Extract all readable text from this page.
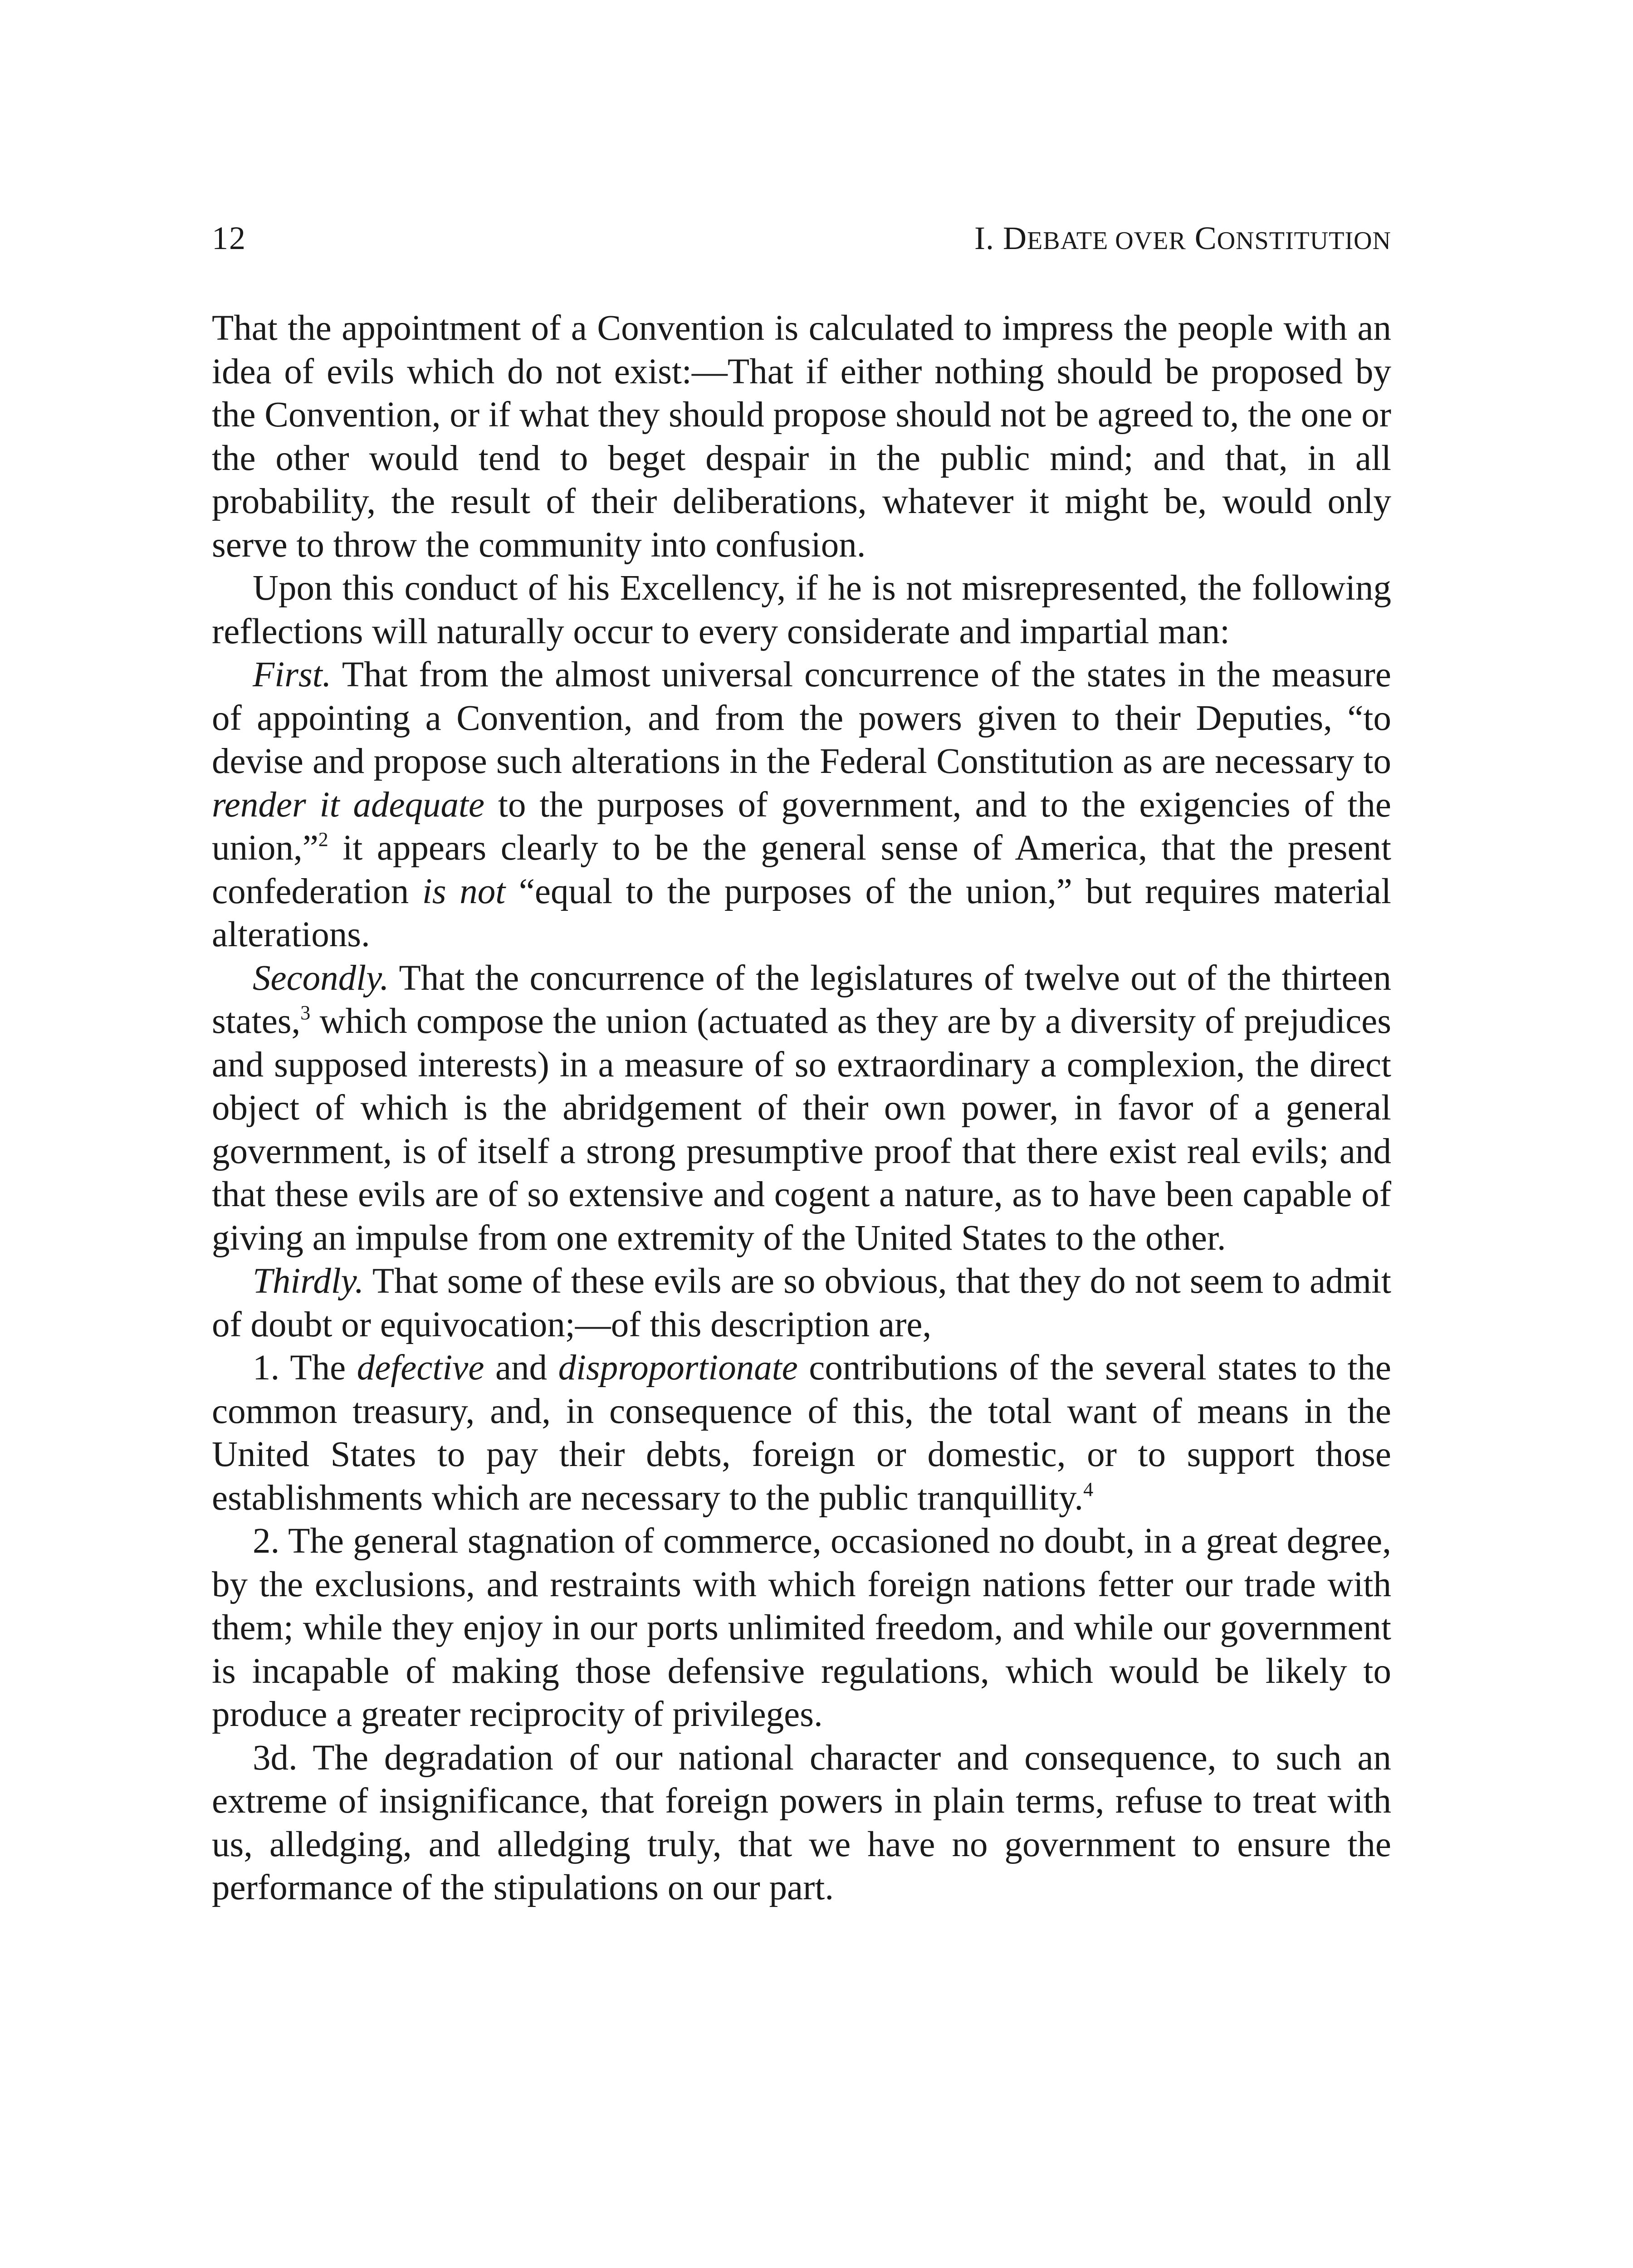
12	I. DEBATE OVER CONSTITUTION

That the appointment of a Convention is calculated to impress the people with an idea of evils which do not exist:—That if either nothing should be proposed by the Convention, or if what they should propose should not be agreed to, the one or the other would tend to beget despair in the public mind; and that, in all probability, the result of their deliberations, whatever it might be, would only serve to throw the community into confusion.

Upon this conduct of his Excellency, if he is not misrepresented, the following reflections will naturally occur to every considerate and impartial man:

First. That from the almost universal concurrence of the states in the measure of appointing a Convention, and from the powers given to their Deputies, “to devise and propose such alterations in the Federal Constitution as are necessary to render it adequate to the purposes of government, and to the exigencies of the union,”$^2$ it appears clearly to be the general sense of America, that the present confederation is not “equal to the purposes of the union,” but requires material alterations.

Secondly. That the concurrence of the legislatures of twelve out of the thirteen states,$^3$ which compose the union (actuated as they are by a diversity of prejudices and supposed interests) in a measure of so extraordinary a complexion, the direct object of which is the abridgement of their own power, in favor of a general government, is of itself a strong presumptive proof that there exist real evils; and that these evils are of so extensive and cogent a nature, as to have been capable of giving an impulse from one extremity of the United States to the other.

Thirdly. That some of these evils are so obvious, that they do not seem to admit of doubt or equivocation;—of this description are,

1. The defective and disproportionate contributions of the several states to the common treasury, and, in consequence of this, the total want of means in the United States to pay their debts, foreign or domestic, or to support those establishments which are necessary to the public tranquillity.$^4$

2. The general stagnation of commerce, occasioned no doubt, in a great degree, by the exclusions, and restraints with which foreign nations fetter our trade with them; while they enjoy in our ports unlimited freedom, and while our government is incapable of making those defensive regulations, which would be likely to produce a greater reciprocity of privileges.

3d. The degradation of our national character and consequence, to such an extreme of insignificance, that foreign powers in plain terms, refuse to treat with us, alledging, and alledging truly, that we have no government to ensure the performance of the stipulations on our part.
